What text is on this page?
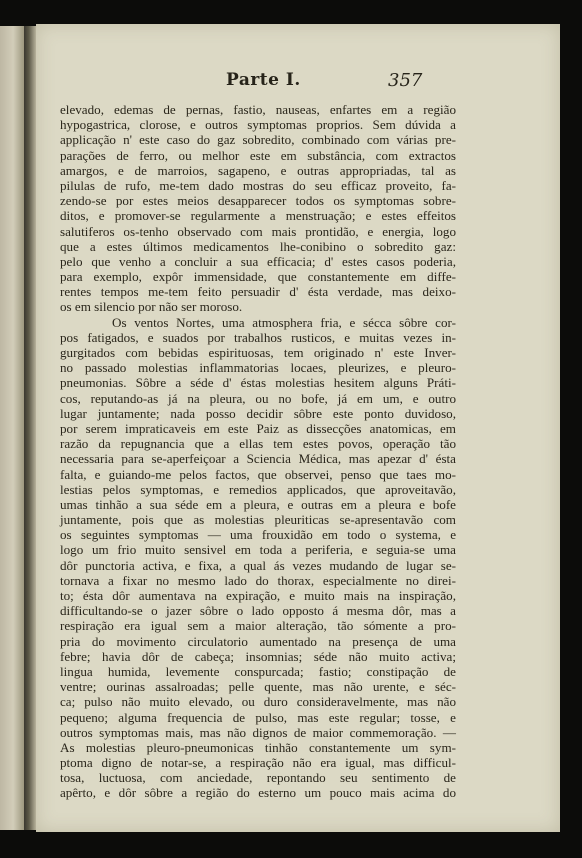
Parte I.	357
elevado, edemas de pernas, fastio, nauseas, enfartes em a região
hypogastrica, clorose, e outros symptomas proprios. Sem dúvida a
applicação n' este caso do gaz sobredito, combinado com várias pre-
parações de ferro, ou melhor este em substância, com extractos
amargos, e de marroios, sagapeno, e outras appropriadas, tal as
pilulas de rufo, me-tem dado mostras do seu efficaz proveito, fa-
zendo-se por estes meios desapparecer todos os symptomas sobre-
ditos, e promover-se regularmente a menstruação; e estes effeitos
salutiferos os-tenho observado com mais prontidão, e energia, logo
que a estes últimos medicamentos lhe-conibino o sobredito gaz:
pelo que venho a concluir a sua efficacia; d' estes casos poderia,
para exemplo, expôr immensidade, que constantemente em diffe-
rentes tempos me-tem feito persuadir d' ésta verdade, mas deixo-
os em silencio por não ser moroso.
Os ventos Nortes, uma atmosphera fria, e sécca sôbre cor-
pos fatigados, e suados por trabalhos rusticos, e muitas vezes in-
gurgitados com bebidas espirituosas, tem originado n' este Inver-
no passado molestias inflammatorias locaes, pleurizes, e pleuro-
pneumonias. Sôbre a séde d' éstas molestias hesitem alguns Práti-
cos, reputando-as já na pleura, ou no bofe, já em um, e outro
lugar juntamente; nada posso decidir sôbre este ponto duvidoso,
por serem impraticaveis em este Paiz as dissecções anatomicas, em
razão da repugnancia que a ellas tem estes povos, operação tão
necessaria para se-aperfeiçoar a Sciencia Médica, mas apezar d' ésta
falta, e guiando-me pelos factos, que observei, penso que taes mo-
lestias pelos symptomas, e remedios applicados, que aproveitavão,
umas tinhão a sua séde em a pleura, e outras em a pleura e bofe
juntamente, pois que as molestias pleuriticas se-apresentavão com
os seguintes symptomas — uma frouxidão em todo o systema, e
logo um frio muito sensivel em toda a periferia, e seguia-se uma
dôr punctoria activa, e fixa, a qual ás vezes mudando de lugar se-
tornava a fixar no mesmo lado do thorax, especialmente no direi-
to; ésta dôr aumentava na expiração, e muito mais na inspiração,
difficultando-se o jazer sôbre o lado opposto á mesma dôr, mas a
respiração era igual sem a maior alteração, tão sómente a pro-
pria do movimento circulatorio aumentado na presença de uma
febre; havia dôr de cabeça; insomnias; séde não muito activa;
lingua humida, levemente conspurcada; fastio; constipação de
ventre; ourinas assalroadas; pelle quente, mas não urente, e séc-
ca; pulso não muito elevado, ou duro consideravelmente, mas não
pequeno; alguma frequencia de pulso, mas este regular; tosse, e
outros symptomas mais, mas não dignos de maior commemoração. —
As molestias pleuro-pneumonicas tinhão constantemente um sym-
ptoma digno de notar-se, a respiração não era igual, mas difficul-
tosa, luctuosa, com anciedade, repontando seu sentimento de
apêrto, e dôr sôbre a região do esterno um pouco mais acima do
